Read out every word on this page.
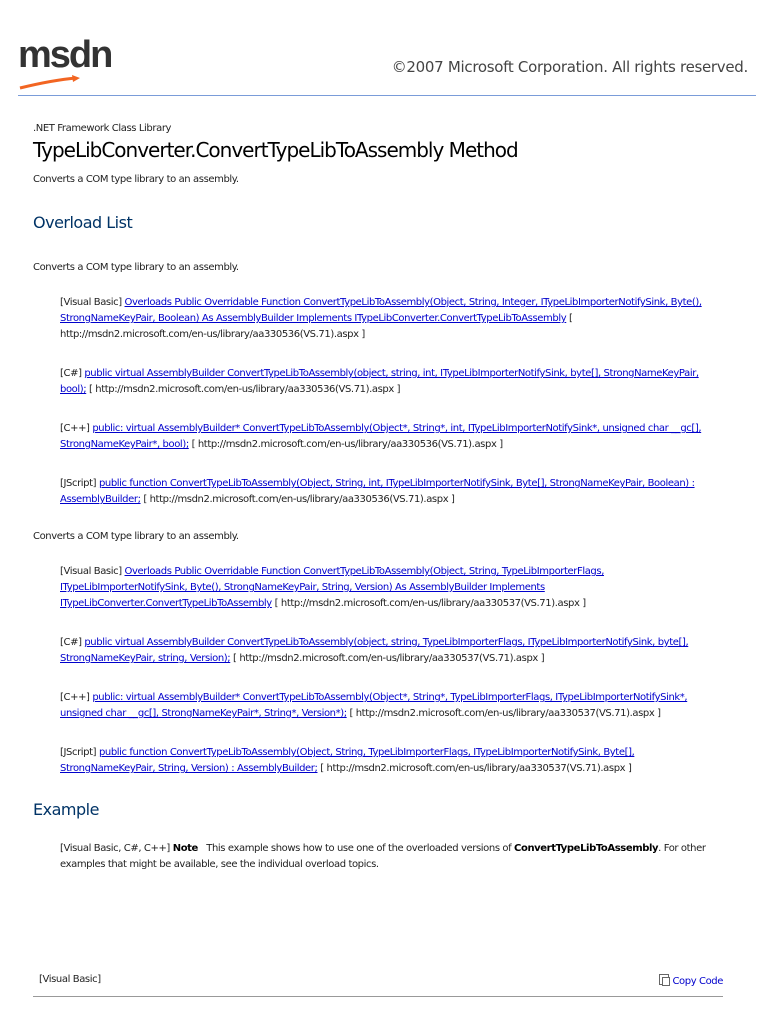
msdn	©2007 Microsoft Corporation. All rights reserved.

.NET Framework Class Library

TypeLibConverter.ConvertTypeLibToAssembly Method

Converts a COM type library to an assembly.

Overload List

Converts a COM type library to an assembly.

[Visual Basic] Overloads Public Overridable Function ConvertTypeLibToAssembly(Object, String, Integer, ITypeLibImporterNotifySink, Byte(), StrongNameKeyPair, Boolean) As AssemblyBuilder Implements ITypeLibConverter.ConvertTypeLibToAssembly [ http://msdn2.microsoft.com/en-us/library/aa330536(VS.71).aspx ]
[C#] public virtual AssemblyBuilder ConvertTypeLibToAssembly(object, string, int, ITypeLibImporterNotifySink, byte[], StrongNameKeyPair, bool); [ http://msdn2.microsoft.com/en-us/library/aa330536(VS.71).aspx ]
[C++] public: virtual AssemblyBuilder* ConvertTypeLibToAssembly(Object*, String*, int, ITypeLibImporterNotifySink*, unsigned char __gc[], StrongNameKeyPair*, bool); [ http://msdn2.microsoft.com/en-us/library/aa330536(VS.71).aspx ]
[JScript] public function ConvertTypeLibToAssembly(Object, String, int, ITypeLibImporterNotifySink, Byte[], StrongNameKeyPair, Boolean) : AssemblyBuilder; [ http://msdn2.microsoft.com/en-us/library/aa330536(VS.71).aspx ]

Converts a COM type library to an assembly.

[Visual Basic] Overloads Public Overridable Function ConvertTypeLibToAssembly(Object, String, TypeLibImporterFlags, ITypeLibImporterNotifySink, Byte(), StrongNameKeyPair, String, Version) As AssemblyBuilder Implements ITypeLibConverter.ConvertTypeLibToAssembly [ http://msdn2.microsoft.com/en-us/library/aa330537(VS.71).aspx ]
[C#] public virtual AssemblyBuilder ConvertTypeLibToAssembly(object, string, TypeLibImporterFlags, ITypeLibImporterNotifySink, byte[], StrongNameKeyPair, string, Version); [ http://msdn2.microsoft.com/en-us/library/aa330537(VS.71).aspx ]
[C++] public: virtual AssemblyBuilder* ConvertTypeLibToAssembly(Object*, String*, TypeLibImporterFlags, ITypeLibImporterNotifySink*, unsigned char __gc[], StrongNameKeyPair*, String*, Version*); [ http://msdn2.microsoft.com/en-us/library/aa330537(VS.71).aspx ]
[JScript] public function ConvertTypeLibToAssembly(Object, String, TypeLibImporterFlags, ITypeLibImporterNotifySink, Byte[], StrongNameKeyPair, String, Version) : AssemblyBuilder; [ http://msdn2.microsoft.com/en-us/library/aa330537(VS.71).aspx ]
Example

[Visual Basic, C#, C++] Note This example shows how to use one of the overloaded versions of ConvertTypeLibToAssembly. For other examples that might be available, see the individual overload topics.

[Visual Basic]	Copy Code
